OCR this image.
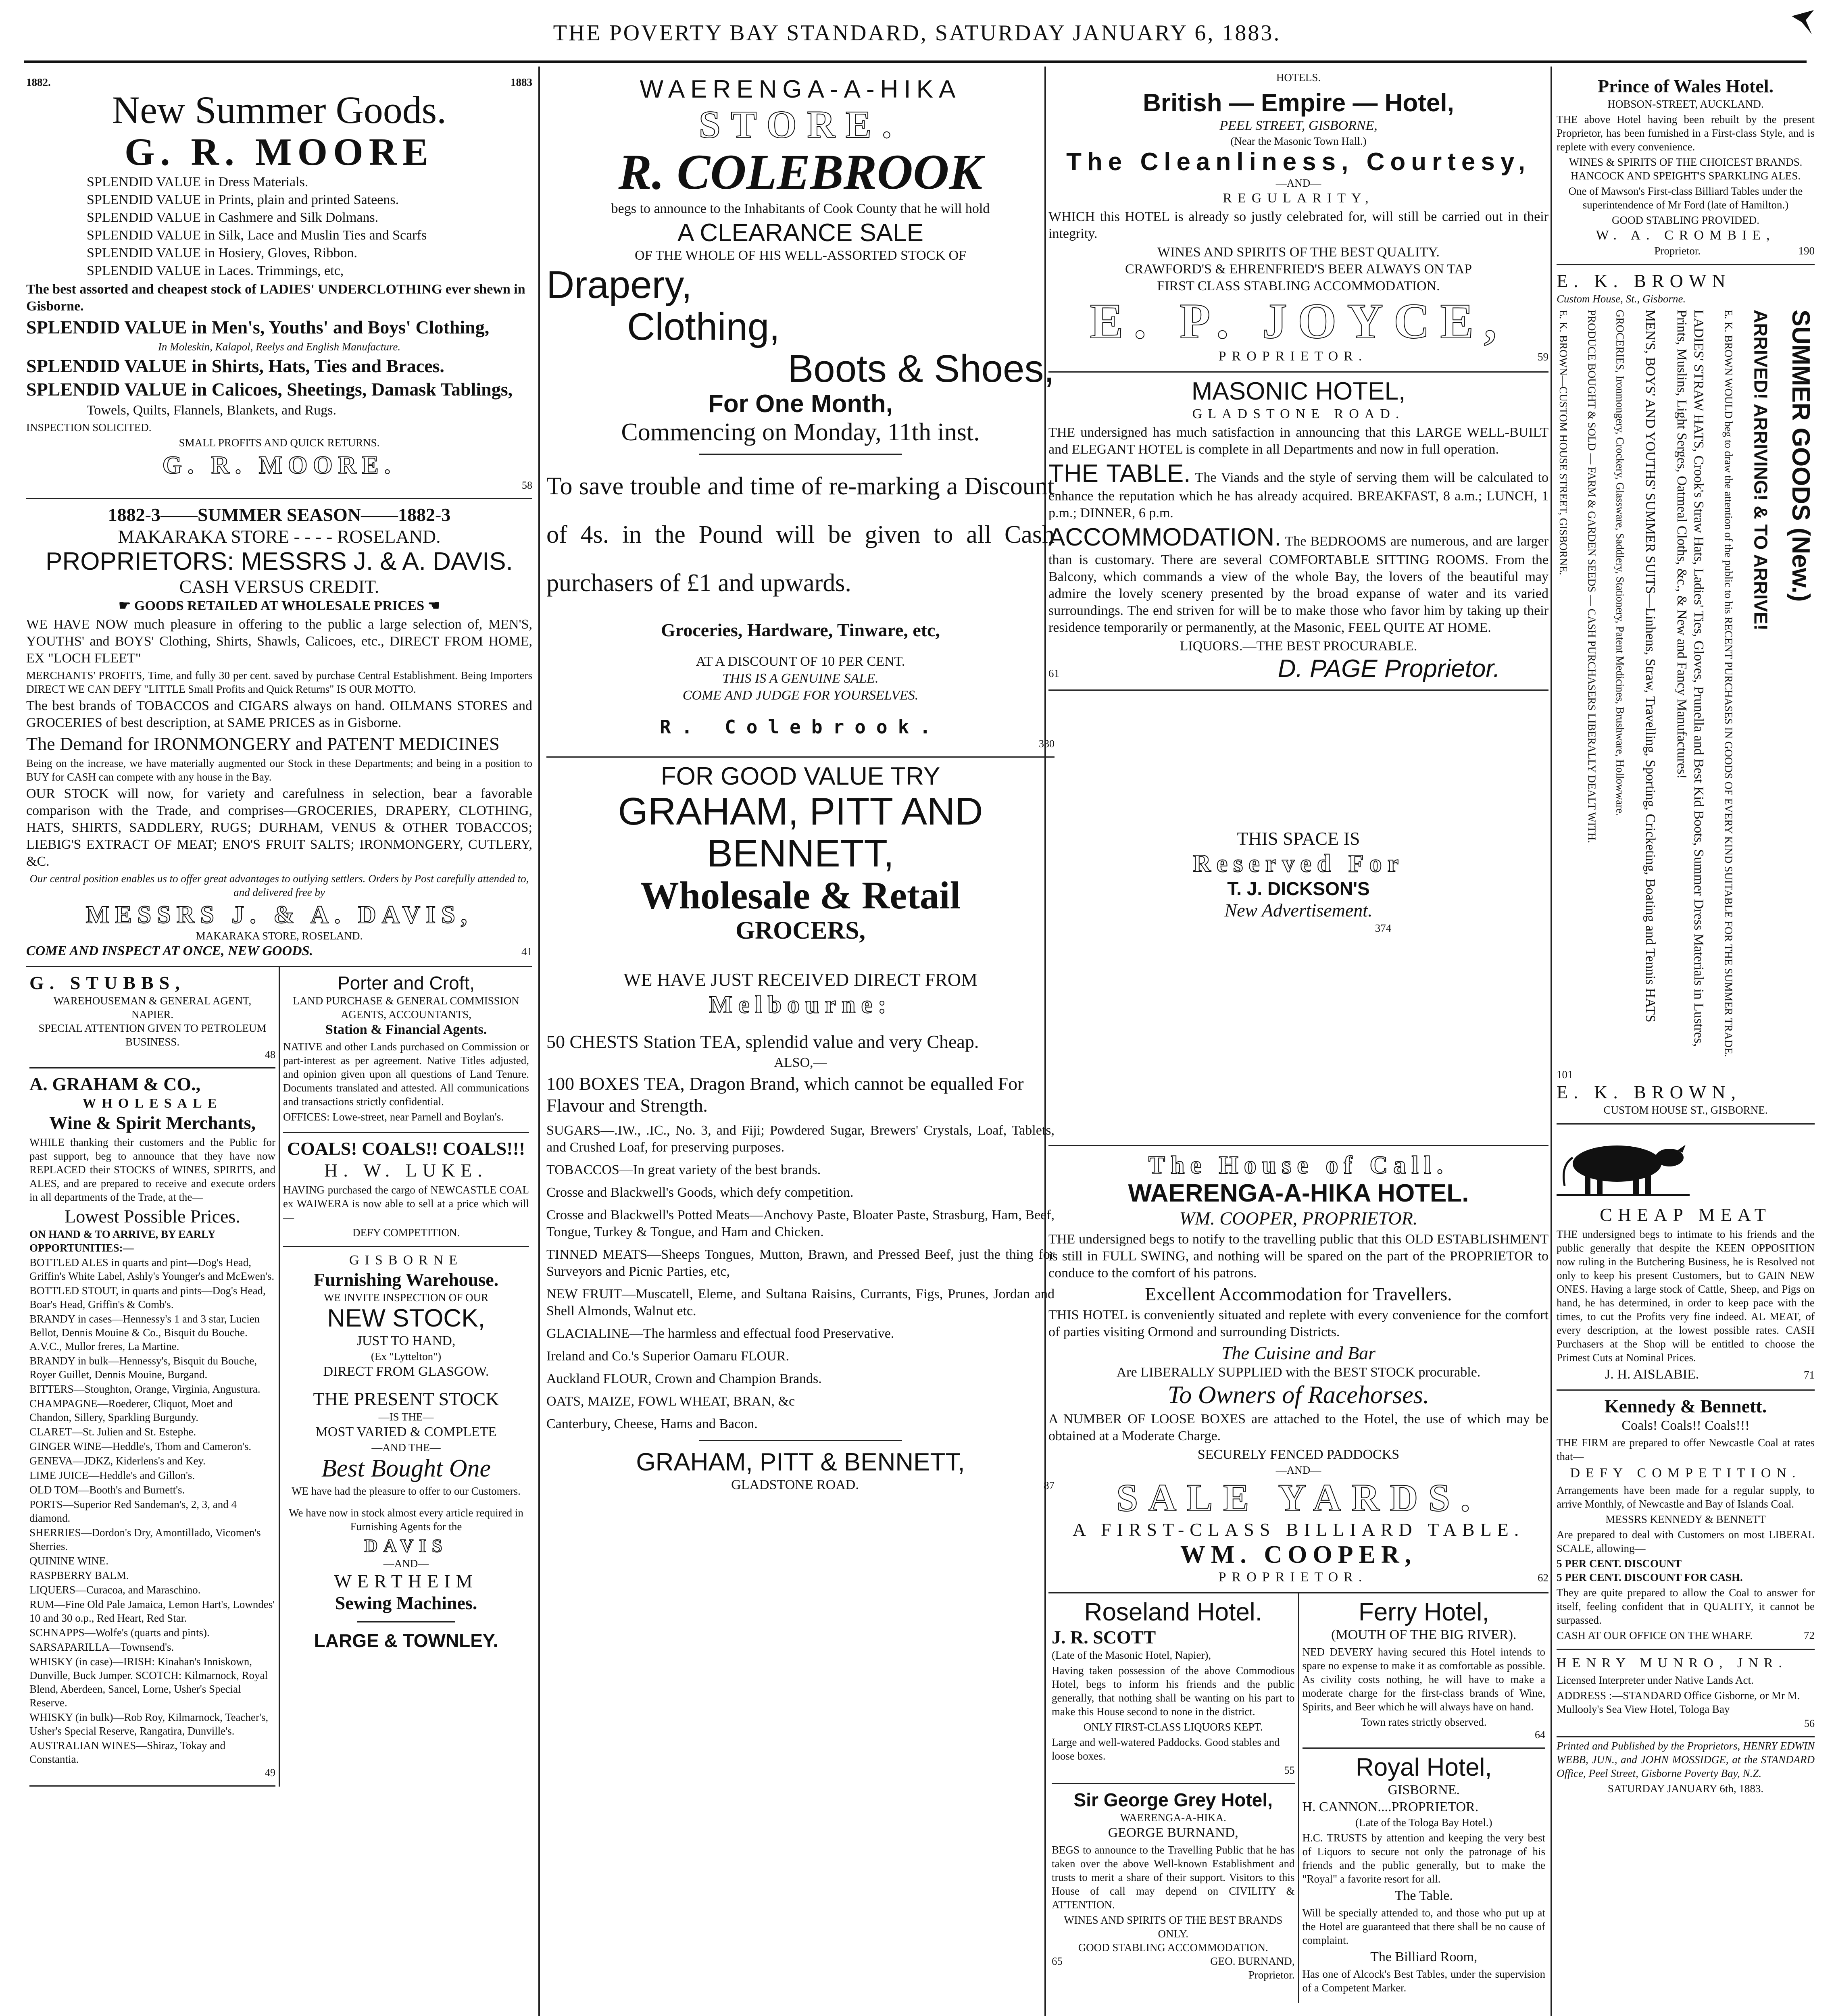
THE POVERTY BAY STANDARD, SATURDAY JANUARY 6, 1883.
1882.	1883
New Summer Goods.
G. R. MOORE

SPLENDID VALUE in Dress Materials.

SPLENDID VALUE in Prints, plain and printed Sateens.

SPLENDID VALUE in Cashmere and Silk Dolmans.

SPLENDID VALUE in Silk, Lace and Muslin Ties and Scarfs

SPLENDID VALUE in Hosiery, Gloves, Ribbon.

SPLENDID VALUE in Laces. Trimmings, etc,

The best assorted and cheapest stock of LADIES' UNDERCLOTHING ever shewn in Gisborne.

SPLENDID VALUE in Men's, Youths' and Boys' Clothing,

In Moleskin, Kalapol, Reelys and English Manufacture.

SPLENDID VALUE in Shirts, Hats, Ties and Braces.

SPLENDID VALUE in Calicoes, Sheetings, Damask Tablings,

Towels, Quilts, Flannels, Blankets, and Rugs.

INSPECTION SOLICITED.

SMALL PROFITS AND QUICK RETURNS.

G. R. MOORE.
58
1882-3——SUMMER SEASON——1882-3
MAKARAKA STORE - - - - ROSELAND.
PROPRIETORS: MESSRS J. & A. DAVIS.
CASH VERSUS CREDIT.
☛ GOODS RETAILED AT WHOLESALE PRICES ☚

WE HAVE NOW much pleasure in offering to the public a large selection of, MEN'S, YOUTHS' and BOYS' Clothing, Shirts, Shawls, Calicoes, etc., DIRECT FROM HOME, EX "LOCH FLEET"

MERCHANTS' PROFITS, Time, and fully 30 per cent. saved by purchase Central Establishment. Being Importers DIRECT WE CAN DEFY "LITTLE Small Profits and Quick Returns" IS OUR MOTTO.

The best brands of TOBACCOS and CIGARS always on hand. OILMANS STORES and GROCERIES of best description, at SAME PRICES as in Gisborne.

The Demand for IRONMONGERY and PATENT MEDICINES

Being on the increase, we have materially augmented our Stock in these Departments; and being in a position to BUY for CASH can compete with any house in the Bay.

OUR STOCK will now, for variety and carefulness in selection, bear a favorable comparison with the Trade, and comprises—GROCERIES, DRAPERY, CLOTHING, HATS, SHIRTS, SADDLERY, RUGS; DURHAM, VENUS & OTHER TOBACCOS; LIEBIG'S EXTRACT OF MEAT; ENO'S FRUIT SALTS; IRONMONGERY, CUTLERY, &C.

Our central position enables us to offer great advantages to outlying settlers. Orders by Post carefully attended to, and delivered free by

MESSRS J. & A. DAVIS,
MAKARAKA STORE, ROSELAND.
COME AND INSPECT AT ONCE, NEW GOODS.	41
G. STUBBS,
WAREHOUSEMAN & GENERAL AGENT,
NAPIER.
SPECIAL ATTENTION GIVEN TO PETROLEUM BUSINESS.
48
A. GRAHAM & CO.,
WHOLESALE
Wine & Spirit Merchants,

WHILE thanking their customers and the Public for past support, beg to announce that they have now REPLACED their STOCKS of WINES, SPIRITS, and ALES, and are prepared to receive and execute orders in all departments of the Trade, at the—

Lowest Possible Prices.
ON HAND & TO ARRIVE, BY EARLY OPPORTUNITIES:—

BOTTLED ALES in quarts and pint—Dog's Head, Griffin's White Label, Ashly's Younger's and McEwen's.

BOTTLED STOUT, in quarts and pints—Dog's Head, Boar's Head, Griffin's & Comb's.

BRANDY in cases—Hennessy's 1 and 3 star, Lucien Bellot, Dennis Mouine & Co., Bisquit du Bouche. A.V.C., Mullor freres, La Martine.

BRANDY in bulk—Hennessy's, Bisquit du Bouche, Royer Guillet, Dennis Mouine, Burgand.

BITTERS—Stoughton, Orange, Virginia, Angustura.

CHAMPAGNE—Roederer, Cliquot, Moet and Chandon, Sillery, Sparkling Burgundy.

CLARET—St. Julien and St. Estephe.

GINGER WINE—Heddle's, Thom and Cameron's.

GENEVA—JDKZ, Kiderlens's and Key.

LIME JUICE—Heddle's and Gillon's.

OLD TOM—Booth's and Burnett's.

PORTS—Superior Red Sandeman's, 2, 3, and 4 diamond.

SHERRIES—Dordon's Dry, Amontillado, Vicomen's Sherries.

QUININE WINE.

RASPBERRY BALM.

LIQUERS—Curacoa, and Maraschino.

RUM—Fine Old Pale Jamaica, Lemon Hart's, Lowndes' 10 and 30 o.p., Red Heart, Red Star.

SCHNAPPS—Wolfe's (quarts and pints).

SARSAPARILLA—Townsend's.

WHISKY (in case)—IRISH: Kinahan's Inniskown, Dunville, Buck Jumper. SCOTCH: Kilmarnock, Royal Blend, Aberdeen, Sancel, Lorne, Usher's Special Reserve.

WHISKY (in bulk)—Rob Roy, Kilmarnock, Teacher's, Usher's Special Reserve, Rangatira, Dunville's.

AUSTRALIAN WINES—Shiraz, Tokay and Constantia.

49
Porter and Croft,
LAND PURCHASE & GENERAL COMMISSION AGENTS, ACCOUNTANTS,
Station & Financial Agents.

NATIVE and other Lands purchased on Commission or part-interest as per agreement. Native Titles adjusted, and opinion given upon all questions of Land Tenure. Documents translated and attested. All communications and transactions strictly confidential.

OFFICES: Lowe-street, near Parnell and Boylan's.

COALS! COALS!! COALS!!!
H. W. LUKE.

HAVING purchased the cargo of NEWCASTLE COAL ex WAIWERA is now able to sell at a price which will—

DEFY COMPETITION.
GISBORNE
Furnishing Warehouse.
WE INVITE INSPECTION OF OUR
NEW STOCK,
JUST TO HAND,
(Ex "Lyttelton")
DIRECT FROM GLASGOW.
THE PRESENT STOCK
—IS THE—
MOST VARIED & COMPLETE
—AND THE—
Best Bought One

WE have had the pleasure to offer to our Customers.

We have now in stock almost every article required in Furnishing Agents for the

DAVIS
—AND—
WERTHEIM
Sewing Machines.
LARGE & TOWNLEY.
WAERENGA-A-HIKA
STORE.
R. COLEBROOK

begs to announce to the Inhabitants of Cook County that he will hold

A CLEARANCE SALE
OF THE WHOLE OF HIS WELL-ASSORTED STOCK OF
Drapery,
Clothing,
Boots & Shoes,
For One Month,
Commencing on Monday, 11th inst.

To save trouble and time of re-marking a Discount of 4s. in the Pound will be given to all Cash purchasers of £1 and upwards.

Groceries, Hardware, Tinware, etc,
AT A DISCOUNT OF 10 PER CENT.
THIS IS A GENUINE SALE.
COME AND JUDGE FOR YOURSELVES.
R. Colebrook.
330
FOR GOOD VALUE TRY
GRAHAM, PITT AND BENNETT,
Wholesale & Retail
GROCERS,
WE HAVE JUST RECEIVED DIRECT FROM
Melbourne:

50 CHESTS Station TEA, splendid value and very Cheap.

ALSO,—

100 BOXES TEA, Dragon Brand, which cannot be equalled For Flavour and Strength.

SUGARS—.IW., .IC., No. 3, and Fiji; Powdered Sugar, Brewers' Crystals, Loaf, Tablets, and Crushed Loaf, for preserving purposes.

TOBACCOS—In great variety of the best brands.

Crosse and Blackwell's Goods, which defy competition.

Crosse and Blackwell's Potted Meats—Anchovy Paste, Bloater Paste, Strasburg, Ham, Beef, Tongue, Turkey & Tongue, and Ham and Chicken.

TINNED MEATS—Sheeps Tongues, Mutton, Brawn, and Pressed Beef, just the thing for Surveyors and Picnic Parties, etc,

NEW FRUIT—Muscatell, Eleme, and Sultana Raisins, Currants, Figs, Prunes, Jordan and Shell Almonds, Walnut etc.

GLACIALINE—The harmless and effectual food Preservative.

Ireland and Co.'s Superior Oamaru FLOUR.

Auckland FLOUR, Crown and Champion Brands.

OATS, MAIZE, FOWL WHEAT, BRAN, &c

Canterbury, Cheese, Hams and Bacon.

GRAHAM, PITT & BENNETT,
GLADSTONE ROAD.	87
HOTELS.
British — Empire — Hotel,
PEEL STREET, GISBORNE,
(Near the Masonic Town Hall.)
The Cleanliness, Courtesy,
—AND—
REGULARITY,

WHICH this HOTEL is already so justly celebrated for, will still be carried out in their integrity.

WINES AND SPIRITS OF THE BEST QUALITY.
CRAWFORD'S & EHRENFRIED'S BEER ALWAYS ON TAP
FIRST CLASS STABLING ACCOMMODATION.
E. P. JOYCE,
PROPRIETOR.	59
MASONIC HOTEL,
GLADSTONE ROAD.

THE undersigned has much satisfaction in announcing that this LARGE WELL-BUILT and ELEGANT HOTEL is complete in all Departments and now in full operation.

THE TABLE. The Viands and the style of serving them will be calculated to enhance the reputation which he has already acquired. BREAKFAST, 8 a.m.; LUNCH, 1 p.m.; DINNER, 6 p.m.

ACCOMMODATION. The BEDROOMS are numerous, and are larger than is customary. There are several COMFORTABLE SITTING ROOMS. From the Balcony, which commands a view of the whole Bay, the lovers of the beautiful may admire the lovely scenery presented by the broad expanse of water and its varied surroundings. The end striven for will be to make those who favor him by taking up their residence temporarily or permanently, at the Masonic, FEEL QUITE AT HOME.

LIQUORS.—THE BEST PROCURABLE.
61	D. PAGE Proprietor.
THIS SPACE IS
Reserved For
T. J. DICKSON'S
New Advertisement.
374
The House of Call.
WAERENGA-A-HIKA HOTEL.
WM. COOPER, PROPRIETOR.

THE undersigned begs to notify to the travelling public that this OLD ESTABLISHMENT is still in FULL SWING, and nothing will be spared on the part of the PROPRIETOR to conduce to the comfort of his patrons.

Excellent Accommodation for Travellers.

THIS HOTEL is conveniently situated and replete with every convenience for the comfort of parties visiting Ormond and surrounding Districts.

The Cuisine and Bar
Are LIBERALLY SUPPLIED with the BEST STOCK procurable.
To Owners of Racehorses.

A NUMBER OF LOOSE BOXES are attached to the Hotel, the use of which may be obtained at a Moderate Charge.

SECURELY FENCED PADDOCKS
—AND—
SALE YARDS.
A FIRST-CLASS BILLIARD TABLE.
WM. COOPER,
PROPRIETOR.	62
Roseland Hotel.
J. R. SCOTT
(Late of the Masonic Hotel, Napier),

Having taken possession of the above Commodious Hotel, begs to inform his friends and the public generally, that nothing shall be wanting on his part to make this House second to none in the district.

ONLY FIRST-CLASS LIQUORS KEPT.

Large and well-watered Paddocks. Good stables and loose boxes.

55
Sir George Grey Hotel,
WAERENGA-A-HIKA.
GEORGE BURNAND,

BEGS to announce to the Travelling Public that he has taken over the above Well-known Establishment and trusts to merit a share of their support. Visitors to this House of call may depend on CIVILITY & ATTENTION.

WINES AND SPIRITS OF THE BEST BRANDS ONLY.
GOOD STABLING ACCOMMODATION.
65	GEO. BURNAND,
Proprietor.
Ferry Hotel,
(MOUTH OF THE BIG RIVER).

NED DEVERY having secured this Hotel intends to spare no expense to make it as comfortable as possible. As civility costs nothing, he will have to make a moderate charge for the first-class brands of Wine, Spirits, and Beer which he will always have on hand.

Town rates strictly observed.
64
Royal Hotel,
GISBORNE.
H. CANNON....PROPRIETOR.
(Late of the Tologa Bay Hotel.)

H.C. TRUSTS by attention and keeping the very best of Liquors to secure not only the patronage of his friends and the public generally, but to make the "Royal" a favorite resort for all.

The Table.

Will be specially attended to, and those who put up at the Hotel are guaranteed that there shall be no cause of complaint.

The Billiard Room,

Has one of Alcock's Best Tables, under the supervision of a Competent Marker.

Prince of Wales Hotel.
HOBSON-STREET, AUCKLAND.

THE above Hotel having been rebuilt by the present Proprietor, has been furnished in a First-class Style, and is replete with every convenience.

WINES & SPIRITS OF THE CHOICEST BRANDS.
HANCOCK AND SPEIGHT'S SPARKLING ALES.

One of Mawson's First-class Billiard Tables under the superintendence of Mr Ford (late of Hamilton.)

GOOD STABLING PROVIDED.
W. A. CROMBIE,
Proprietor.	190
E. K. BROWN
Custom House, St., Gisborne.
E. K. BROWN—CUSTOM HOUSE STREET, GISBORNE. PRODUCE BOUGHT & SOLD — FARM & GARDEN SEEDS — CASH PURCHASERS LIBERALLY DEALT WITH. GROCERIES, Ironmongery, Crockery, Glassware, Saddlery, Stationery, Patent Medicines, Brushware, Hollowware. MEN'S, BOYS' AND YOUTHS' SUMMER SUITS—Linhens, Straw, Travelling, Sporting, Cricketing, Boating and Tennis HATS	LADIES' STRAW HATS, Crook's Straw Hats, Ladies' Ties, Gloves, Prunella and Best Kid Boots, Summer Dress Materials in Lustres, Prints, Muslins, Light Serges, Oatmeal Cloths, &c., & New and Fancy Manufactures!	E. K. BROWN WOULD beg to draw the attention of the public to his RECENT PURCHASES IN GOODS OF EVERY KIND SUITABLE FOR THE SUMMER TRADE. ARRIVED! ARRIVING! & TO ARRIVE! SUMMER GOODS (New.)
101
E. K. BROWN,
CUSTOM HOUSE ST., GISBORNE.
CHEAP MEAT

THE undersigned begs to intimate to his friends and the public generally that despite the KEEN OPPOSITION now ruling in the Butchering Business, he is Resolved not only to keep his present Customers, but to GAIN NEW ONES. Having a large stock of Cattle, Sheep, and Pigs on hand, he has determined, in order to keep pace with the times, to cut the Profits very fine indeed. AL MEAT, of every description, at the lowest possible rates. CASH Purchasers at the Shop will be entitled to choose the Primest Cuts at Nominal Prices.

J. H. AISLABIE.	71
Kennedy & Bennett.
Coals! Coals!! Coals!!!

THE FIRM are prepared to offer Newcastle Coal at rates that—

DEFY COMPETITION.

Arrangements have been made for a regular supply, to arrive Monthly, of Newcastle and Bay of Islands Coal.

MESSRS KENNEDY & BENNETT

Are prepared to deal with Customers on most LIBERAL SCALE, allowing—

5 PER CENT. DISCOUNT
5 PER CENT. DISCOUNT FOR CASH.

They are quite prepared to allow the Coal to answer for itself, feeling confident that in QUALITY, it cannot be surpassed.

CASH AT OUR OFFICE ON THE WHARF.	72
HENRY MUNRO, JNR.

Licensed Interpreter under Native Lands Act.

ADDRESS :—STANDARD Office Gisborne, or Mr M. Mullooly's Sea View Hotel, Tologa Bay

56

Printed and Published by the Proprietors, HENRY EDWIN WEBB, JUN., and JOHN MOSSIDGE, at the STANDARD Office, Peel Street, Gisborne Poverty Bay, N.Z.

SATURDAY JANUARY 6th, 1883.
